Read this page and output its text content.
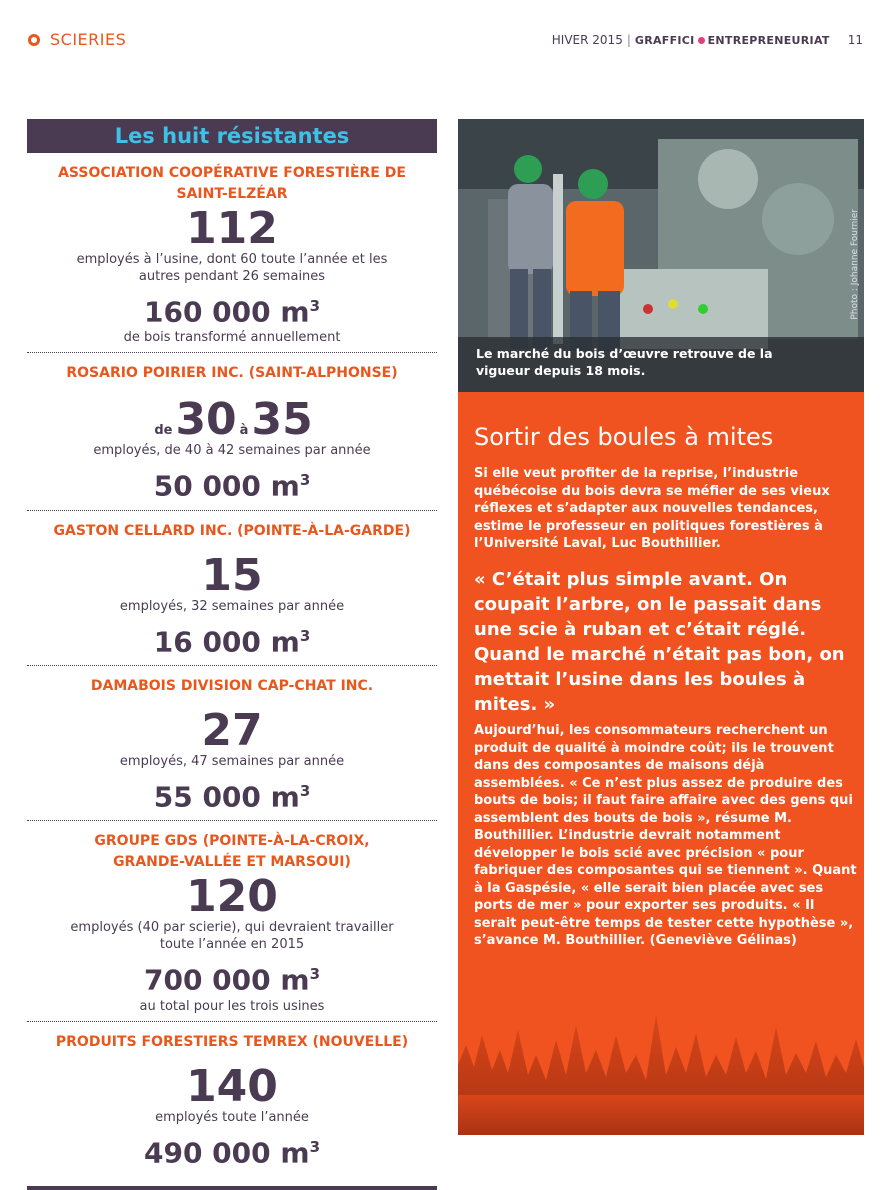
SCIERIES	HIVER 2015 | GRAFFICI ENTREPRENEURIAT 11
Les huit résistantes
ASSOCIATION COOPÉRATIVE FORESTIÈRE DE SAINT-ELZÉAR
112
employés à l’usine, dont 60 toute l’année et les autres pendant 26 semaines
160 000 $m^3$
de bois transformé annuellement
ROSARIO POIRIER INC. (SAINT-ALPHONSE)
de 30 à 35
employés, de 40 à 42 semaines par année
50 000 $m^3$
GASTON CELLARD INC. (POINTE-À-LA-GARDE)
15
employés, 32 semaines par année
16 000 $m^3$
DAMABOIS DIVISION CAP-CHAT INC.
27
employés, 47 semaines par année
55 000 $m^3$
GROUPE GDS (POINTE-À-LA-CROIX, GRANDE-VALLÉE ET MARSOUI)
120
employés (40 par scierie), qui devraient travailler toute l’année en 2015
700 000 $m^3$
au total pour les trois usines
PRODUITS FORESTIERS TEMREX (NOUVELLE)
140
employés toute l’année
490 000 $m^3$
Photo : Johanne Fournier
Le marché du bois d’œuvre retrouve de la vigueur depuis 18 mois.
Sortir des boules à mites
Si elle veut profiter de la reprise, l’industrie québécoise du bois devra se méfier de ses vieux réflexes et s’adapter aux nouvelles tendances, estime le professeur en politiques forestières à l’Université Laval, Luc Bouthillier.
« C’était plus simple avant. On coupait l’arbre, on le passait dans une scie à ruban et c’était réglé. Quand le marché n’était pas bon, on mettait l’usine dans les boules à mites. »
Aujourd’hui, les consommateurs recherchent un produit de qualité à moindre coût; ils le trouvent dans des composantes de maisons déjà assemblées. « Ce n’est plus assez de produire des bouts de bois; il faut faire affaire avec des gens qui assemblent des bouts de bois », résume M. Bouthillier. L’industrie devrait notamment développer le bois scié avec précision « pour fabriquer des composantes qui se tiennent ». Quant à la Gaspésie, « elle serait bien placée avec ses ports de mer » pour exporter ses produits. « Il serait peut-être temps de tester cette hypothèse », s’avance M. Bouthillier. (Geneviève Gélinas)
